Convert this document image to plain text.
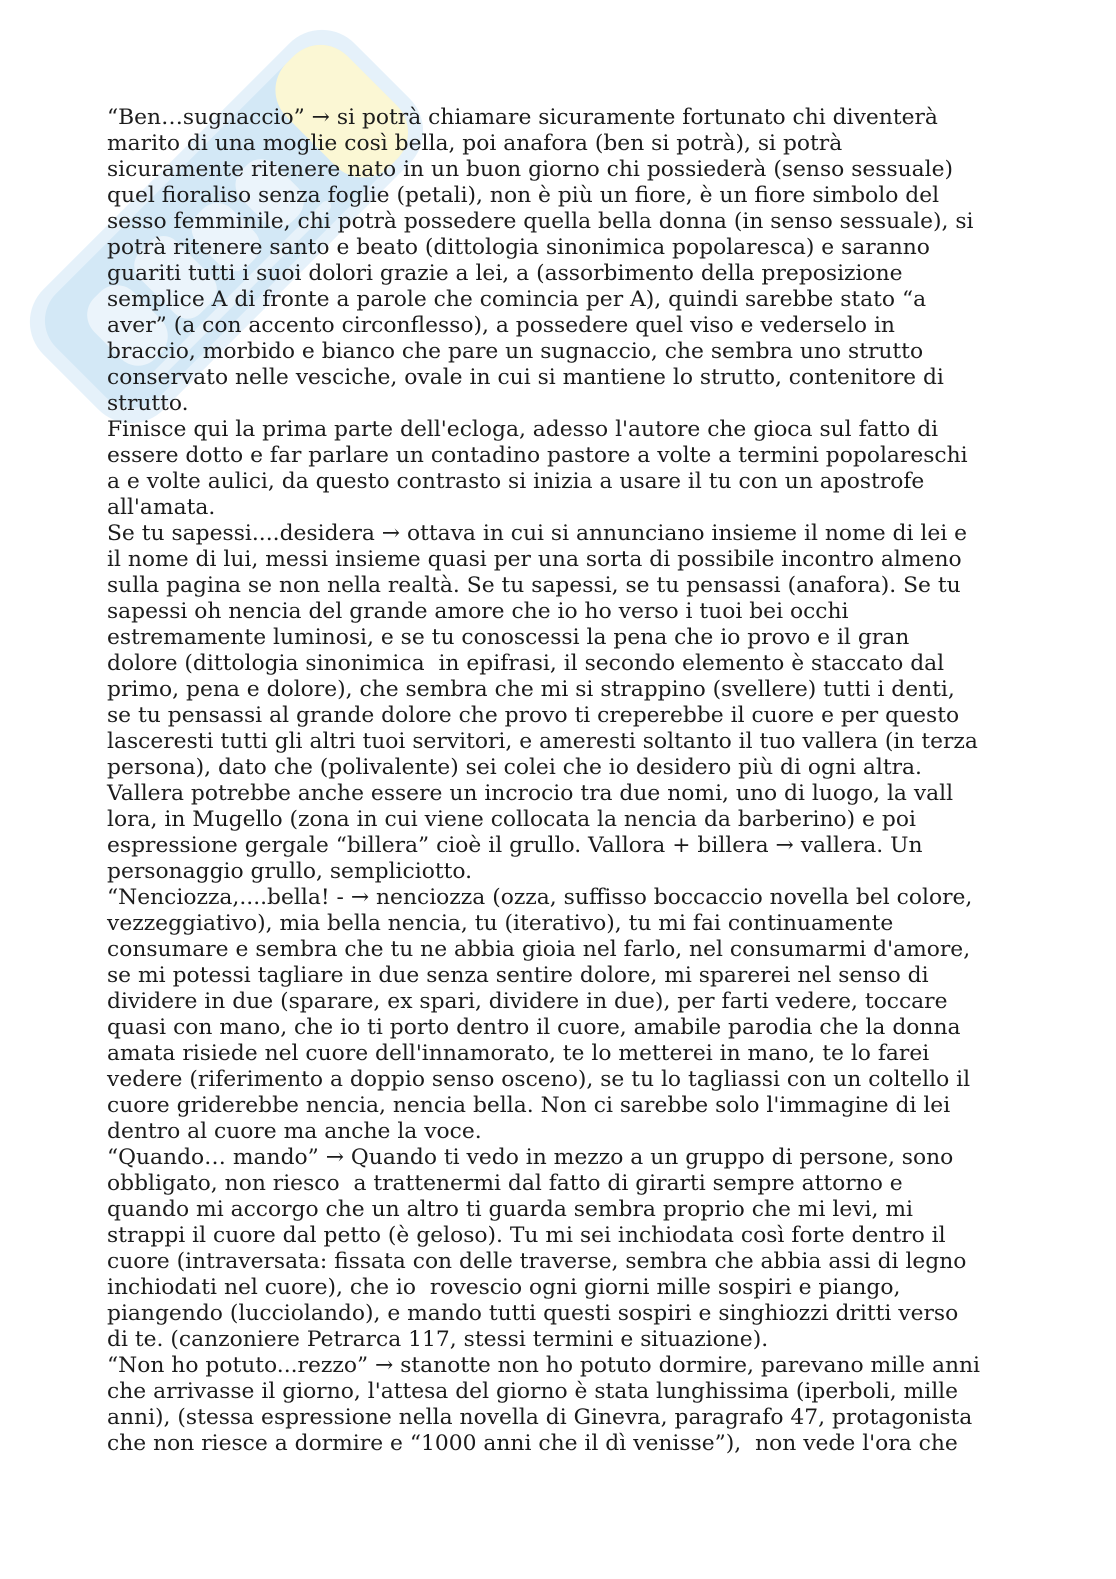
“Ben…sugnaccio” → si potrà chiamare sicuramente fortunato chi diventerà
marito di una moglie così bella, poi anafora (ben si potrà), si potrà
sicuramente ritenere nato in un buon giorno chi possiederà (senso sessuale)
quel fioraliso senza foglie (petali), non è più un fiore, è un fiore simbolo del
sesso femminile, chi potrà possedere quella bella donna (in senso sessuale), si
potrà ritenere santo e beato (dittologia sinonimica popolaresca) e saranno
guariti tutti i suoi dolori grazie a lei, a (assorbimento della preposizione
semplice A di fronte a parole che comincia per A), quindi sarebbe stato “a
aver” (a con accento circonflesso), a possedere quel viso e vederselo in
braccio, morbido e bianco che pare un sugnaccio, che sembra uno strutto
conservato nelle vesciche, ovale in cui si mantiene lo strutto, contenitore di
strutto.
Finisce qui la prima parte dell'ecloga, adesso l'autore che gioca sul fatto di
essere dotto e far parlare un contadino pastore a volte a termini popolareschi
a e volte aulici, da questo contrasto si inizia a usare il tu con un apostrofe
all'amata.
Se tu sapessi....desidera → ottava in cui si annunciano insieme il nome di lei e
il nome di lui, messi insieme quasi per una sorta di possibile incontro almeno
sulla pagina se non nella realtà. Se tu sapessi, se tu pensassi (anafora). Se tu
sapessi oh nencia del grande amore che io ho verso i tuoi bei occhi
estremamente luminosi, e se tu conoscessi la pena che io provo e il gran
dolore (dittologia sinonimica  in epifrasi, il secondo elemento è staccato dal
primo, pena e dolore), che sembra che mi si strappino (svellere) tutti i denti,
se tu pensassi al grande dolore che provo ti creperebbe il cuore e per questo
lasceresti tutti gli altri tuoi servitori, e ameresti soltanto il tuo vallera (in terza
persona), dato che (polivalente) sei colei che io desidero più di ogni altra.
Vallera potrebbe anche essere un incrocio tra due nomi, uno di luogo, la vall
lora, in Mugello (zona in cui viene collocata la nencia da barberino) e poi
espressione gergale “billera” cioè il grullo. Vallora + billera → vallera. Un
personaggio grullo, sempliciotto.
“Nenciozza,....bella! - → nenciozza (ozza, suffisso boccaccio novella bel colore,
vezzeggiativo), mia bella nencia, tu (iterativo), tu mi fai continuamente
consumare e sembra che tu ne abbia gioia nel farlo, nel consumarmi d'amore,
se mi potessi tagliare in due senza sentire dolore, mi sparerei nel senso di
dividere in due (sparare, ex spari, dividere in due), per farti vedere, toccare
quasi con mano, che io ti porto dentro il cuore, amabile parodia che la donna
amata risiede nel cuore dell'innamorato, te lo metterei in mano, te lo farei
vedere (riferimento a doppio senso osceno), se tu lo tagliassi con un coltello il
cuore griderebbe nencia, nencia bella. Non ci sarebbe solo l'immagine di lei
dentro al cuore ma anche la voce.
“Quando… mando” → Quando ti vedo in mezzo a un gruppo di persone, sono
obbligato, non riesco  a trattenermi dal fatto di girarti sempre attorno e
quando mi accorgo che un altro ti guarda sembra proprio che mi levi, mi
strappi il cuore dal petto (è geloso). Tu mi sei inchiodata così forte dentro il
cuore (intraversata: fissata con delle traverse, sembra che abbia assi di legno
inchiodati nel cuore), che io  rovescio ogni giorni mille sospiri e piango,
piangendo (lucciolando), e mando tutti questi sospiri e singhiozzi dritti verso
di te. (canzoniere Petrarca 117, stessi termini e situazione).
“Non ho potuto...rezzo” → stanotte non ho potuto dormire, parevano mille anni
che arrivasse il giorno, l'attesa del giorno è stata lunghissima (iperboli, mille
anni), (stessa espressione nella novella di Ginevra, paragrafo 47, protagonista
che non riesce a dormire e “1000 anni che il dì venisse”),  non vede l'ora che
